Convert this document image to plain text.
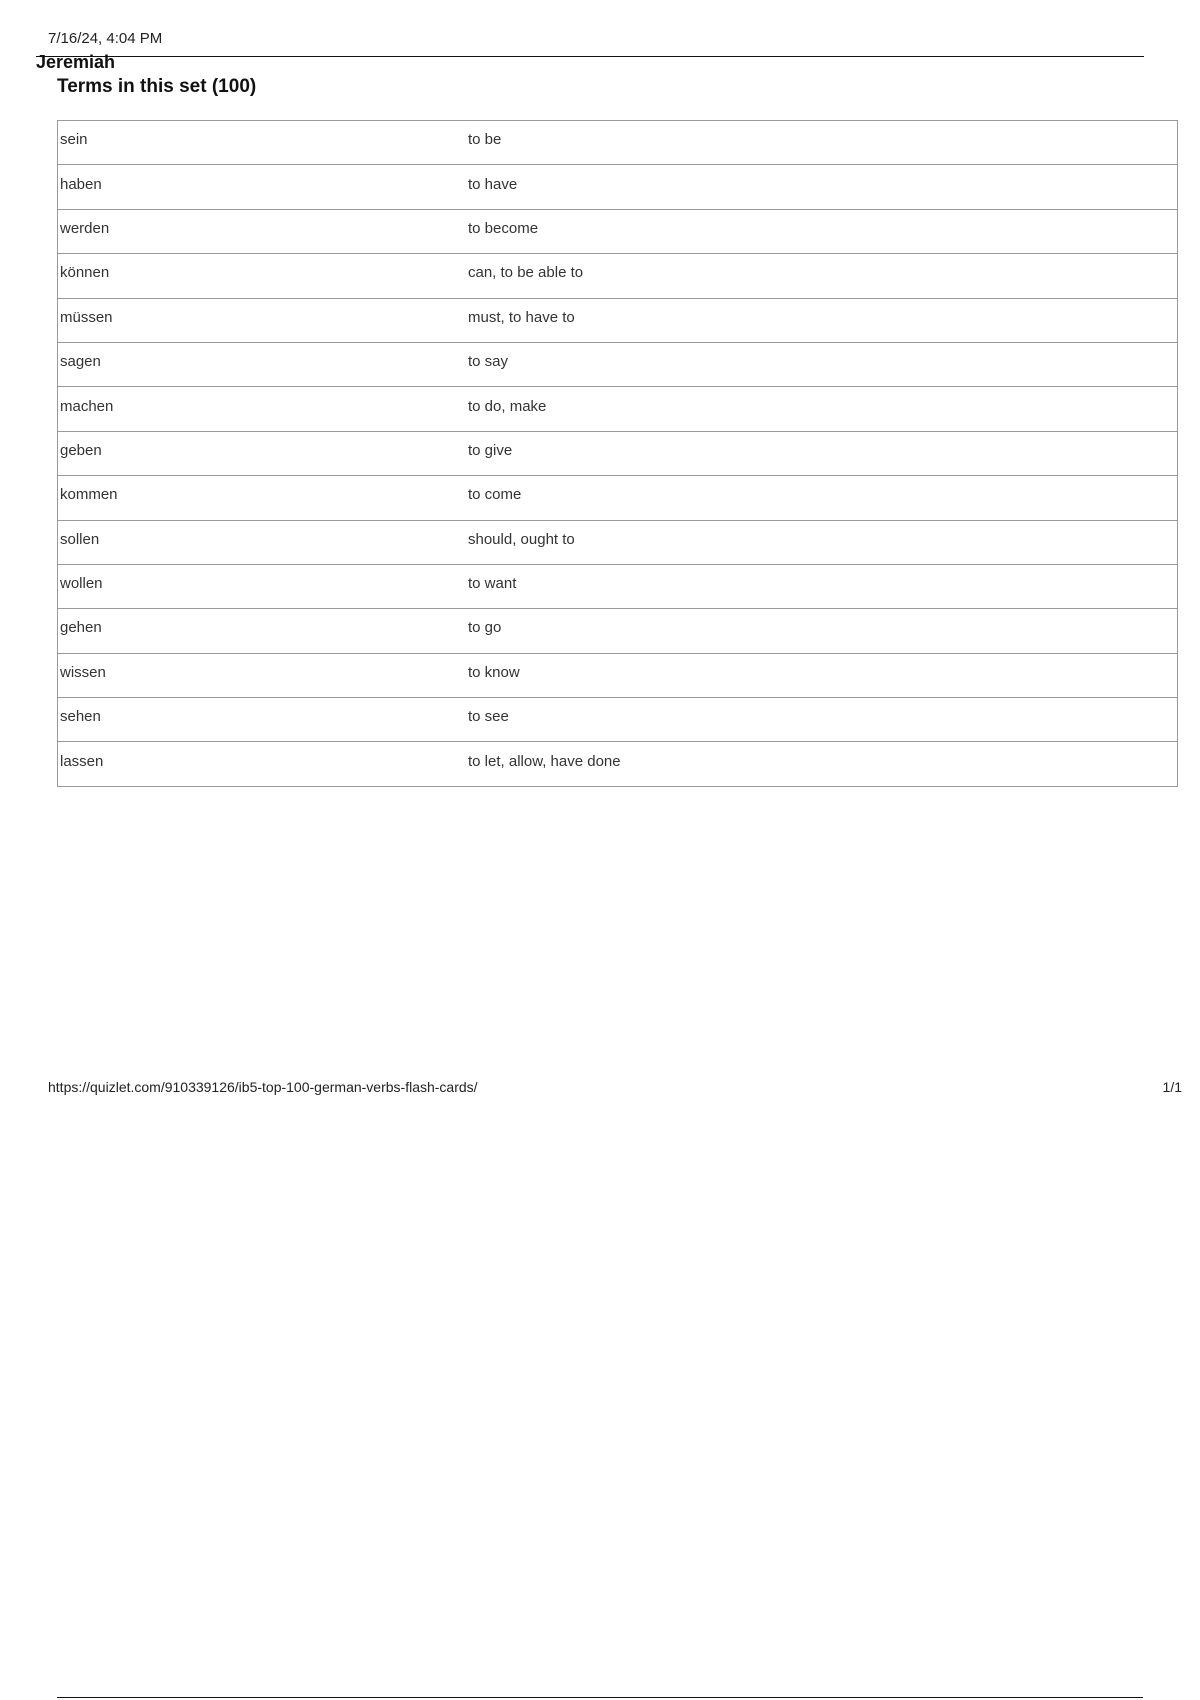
7/16/24, 4:04 PM
Jeremiah
Terms in this set (100)
sein	to be
haben	to have
werden	to become
können	can, to be able to
müssen	must, to have to
sagen	to say
machen	to do, make
geben	to give
kommen	to come
sollen	should, ought to
wollen	to want
gehen	to go
wissen	to know
sehen	to see
lassen	to let, allow, have done
https://quizlet.com/910339126/ib5-top-100-german-verbs-flash-cards/	1/1
